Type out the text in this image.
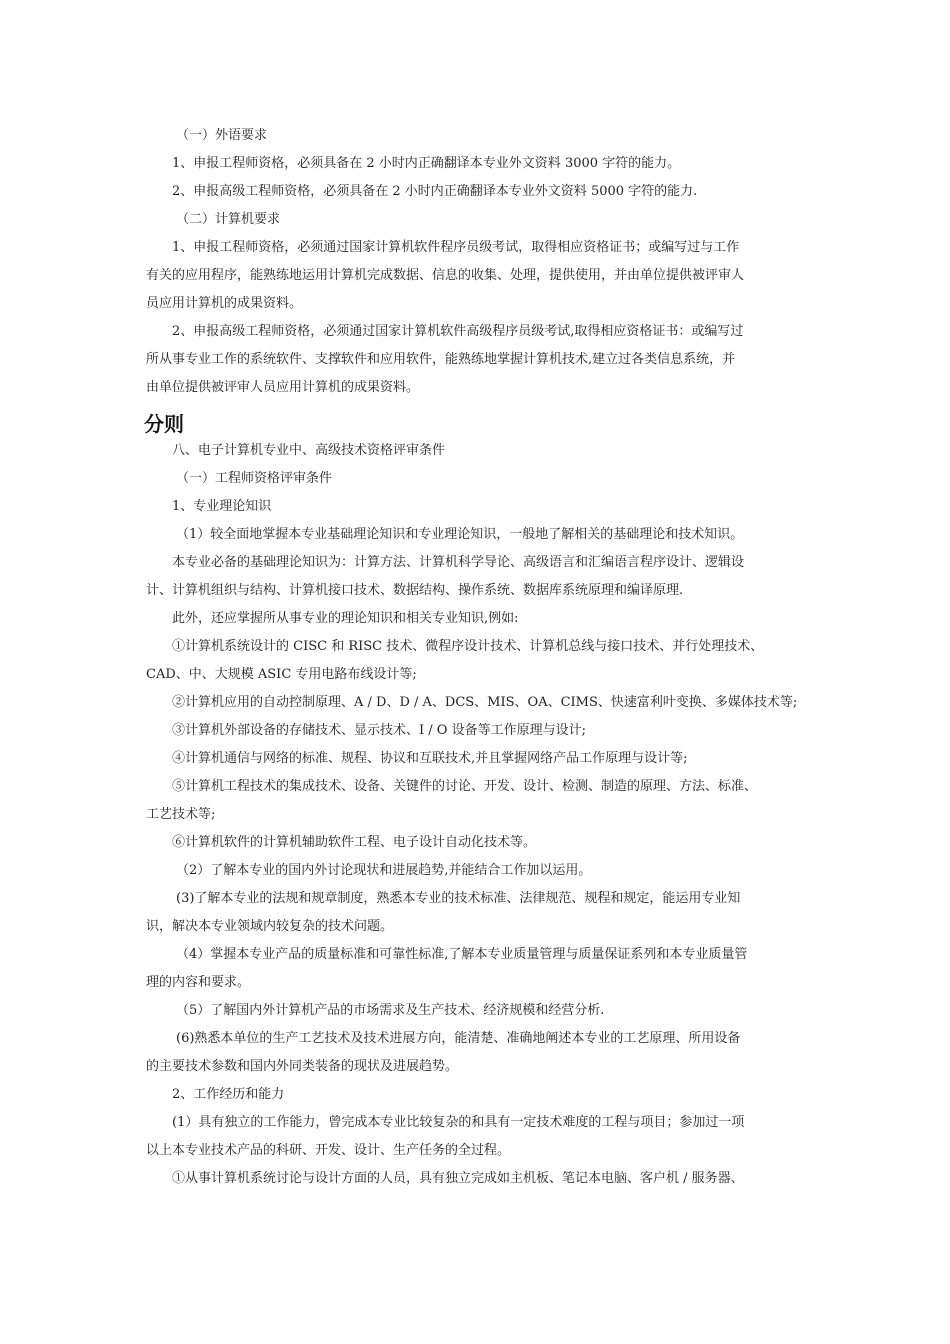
（一）外语要求
1、申报工程师资格，必须具备在 2 小时内正确翻译本专业外文资料 3000 字符的能力。
2、申报高级工程师资格，必须具备在 2 小时内正确翻译本专业外文资料 5000 字符的能力.
（二）计算机要求
1、申报工程师资格，必须通过国家计算机软件程序员级考试，取得相应资格证书；或编写过与工作
有关的应用程序，能熟练地运用计算机完成数据、信息的收集、处理，提供使用，并由单位提供被评审人
员应用计算机的成果资料。
2、申报高级工程师资格，必须通过国家计算机软件高级程序员级考试,取得相应资格证书：或编写过
所从事专业工作的系统软件、支撑软件和应用软件，能熟练地掌握计算机技术,建立过各类信息系统，并
由单位提供被评审人员应用计算机的成果资料。
分则
八、电子计算机专业中、高级技术资格评审条件
（一）工程师资格评审条件
1、专业理论知识
（1）较全面地掌握本专业基础理论知识和专业理论知识，一般地了解相关的基础理论和技术知识。
本专业必备的基础理论知识为：计算方法、计算机科学导论、高级语言和汇编语言程序设计、逻辑设
计、计算机组织与结构、计算机接口技术、数据结构、操作系统、数据库系统原理和编译原理.
此外，还应掌握所从事专业的理论知识和相关专业知识,例如:
①计算机系统设计的 CISC 和 RISC 技术、微程序设计技术、计算机总线与接口技术、并行处理技术、
CAD、中、大规模 ASIC 专用电路布线设计等;
②计算机应用的自动控制原理、A / D、D / A、DCS、MIS、OA、CIMS、快速富利叶变换、多媒体技术等;
③计算机外部设备的存储技术、显示技术、I / O 设备等工作原理与设计;
④计算机通信与网络的标准、规程、协议和互联技术,并且掌握网络产品工作原理与设计等;
⑤计算机工程技术的集成技术、设备、关键件的讨论、开发、设计、检测、制造的原理、方法、标准、
工艺技术等;
⑥计算机软件的计算机辅助软件工程、电子设计自动化技术等。
（2）了解本专业的国内外讨论现状和进展趋势,并能结合工作加以运用。
(3)了解本专业的法规和规章制度，熟悉本专业的技术标准、法律规范、规程和规定，能运用专业知
识，解决本专业领域内较复杂的技术问题。
（4）掌握本专业产品的质量标准和可靠性标准,了解本专业质量管理与质量保证系列和本专业质量管
理的内容和要求。
（5）了解国内外计算机产品的市场需求及生产技术、经济规模和经营分析.
(6)熟悉本单位的生产工艺技术及技术进展方向，能清楚、准确地阐述本专业的工艺原理、所用设备
的主要技术参数和国内外同类装备的现状及进展趋势。
2、工作经历和能力
(1）具有独立的工作能力，曾完成本专业比较复杂的和具有一定技术难度的工程与项目；参加过一项
以上本专业技术产品的科研、开发、设计、生产任务的全过程。
①从事计算机系统讨论与设计方面的人员，具有独立完成如主机板、笔记本电脑、客户机 / 服务器、
